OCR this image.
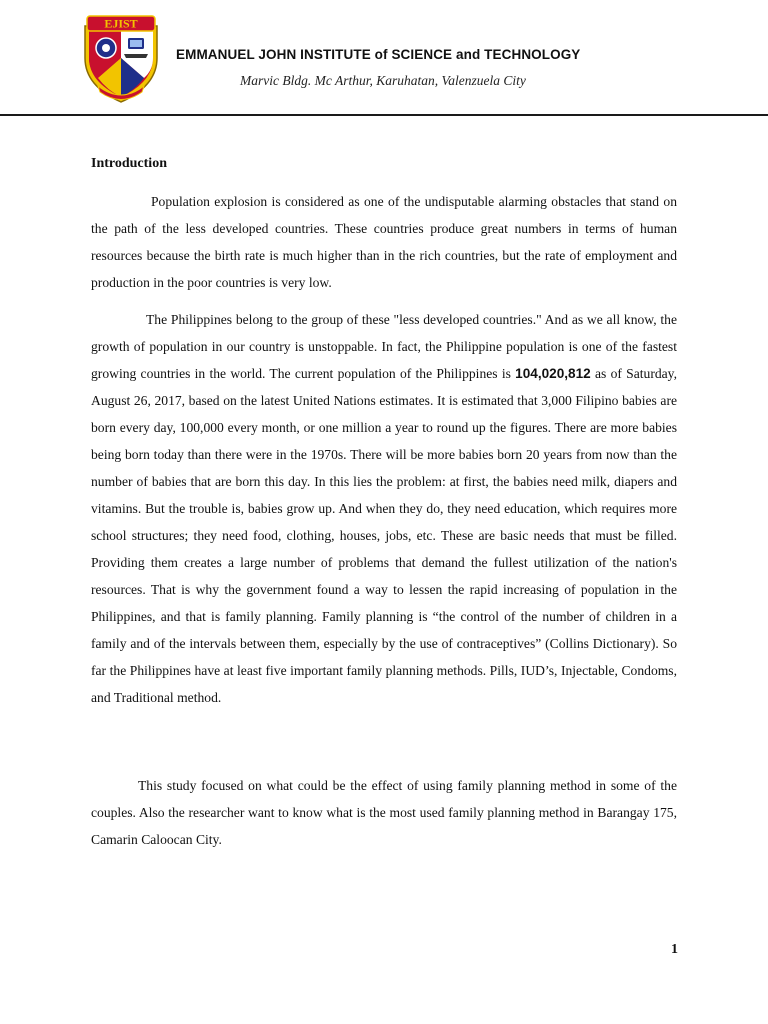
EJIST
EMMANUEL JOHN INSTITUTE of SCIENCE and TECHNOLOGY
Marvic Bldg. Mc Arthur, Karuhatan, Valenzuela City
Introduction

Population explosion is considered as one of the undisputable alarming obstacles that stand on the path of the less developed countries. These countries produce great numbers in terms of human resources because the birth rate is much higher than in the rich countries, but the rate of employment and production in the poor countries is very low.

The Philippines belong to the group of these "less developed countries." And as we all know, the growth of population in our country is unstoppable. In fact, the Philippine population is one of the fastest growing countries in the world. The current population of the Philippines is 104,020,812 as of Saturday, August 26, 2017, based on the latest United Nations estimates. It is estimated that 3,000 Filipino babies are born every day, 100,000 every month, or one million a year to round up the figures. There are more babies being born today than there were in the 1970s. There will be more babies born 20 years from now than the number of babies that are born this day. In this lies the problem: at first, the babies need milk, diapers and vitamins. But the trouble is, babies grow up. And when they do, they need education, which requires more school structures; they need food, clothing, houses, jobs, etc. These are basic needs that must be filled. Providing them creates a large number of problems that demand the fullest utilization of the nation's resources. That is why the government found a way to lessen the rapid increasing of population in the Philippines, and that is family planning. Family planning is “the control of the number of children in a family and of the intervals between them, especially by the use of contraceptives” (Collins Dictionary). So far the Philippines have at least five important family planning methods. Pills, IUD’s, Injectable, Condoms, and Traditional method.

This study focused on what could be the effect of using family planning method in some of the couples. Also the researcher want to know what is the most used family planning method in Barangay 175, Camarin Caloocan City.

1
